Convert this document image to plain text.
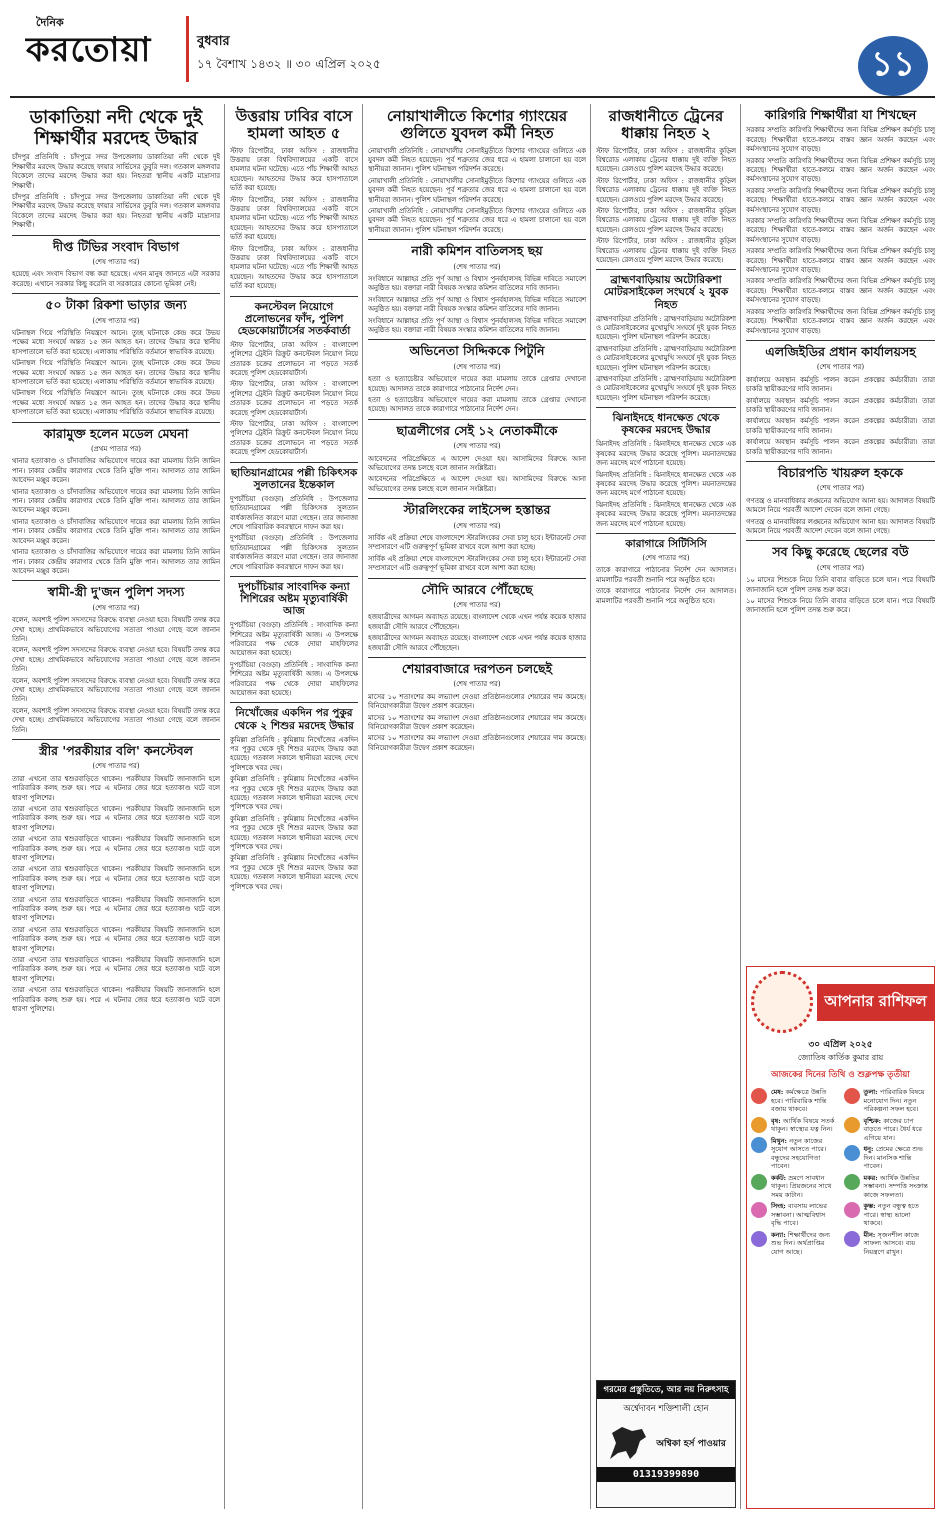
দৈনিক
করতোয়া	বুধবার
১৭ বৈশাখ ১৪৩২ ॥ ৩০ এপ্রিল ২০২৫	১১
ডাকাতিয়া নদী থেকে দুই শিক্ষার্থীর মরদেহ উদ্ধার

চাঁদপুর প্রতিনিধি : চাঁদপুরে সদর উপজেলায় ডাকাতিয়া নদী থেকে দুই শিক্ষার্থীর মরদেহ উদ্ধার করেছে ফায়ার সার্ভিসের ডুবুরি দল। গতকাল মঙ্গলবার বিকেলে তাদের মরদেহ উদ্ধার করা হয়। নিহতরা স্থানীয় একটি মাদ্রাসার শিক্ষার্থী।

চাঁদপুর প্রতিনিধি : চাঁদপুরে সদর উপজেলায় ডাকাতিয়া নদী থেকে দুই শিক্ষার্থীর মরদেহ উদ্ধার করেছে ফায়ার সার্ভিসের ডুবুরি দল। গতকাল মঙ্গলবার বিকেলে তাদের মরদেহ উদ্ধার করা হয়। নিহতরা স্থানীয় একটি মাদ্রাসার শিক্ষার্থী।

দীপ্ত টিভির সংবাদ বিভাগ
(শেষ পাতার পর)

হয়েছে এবং সংবাদ বিভাগ বন্ধ করা হয়েছে। এখন মানুষ জানতে এটা সরকার করেছে। এখানে সরকার কিছু করেনি বা সরকারের কোনো ভূমিকা নেই।

৫০ টাকা রিকশা ভাড়ার জন্য
(শেষ পাতার পর)

ঘটনাস্থল গিয়ে পরিস্থিতি নিয়ন্ত্রণে আনে। তুচ্ছ ঘটনাকে কেন্দ্র করে উভয় পক্ষের মধ্যে সংঘর্ষে অন্তত ১৫ জন আহত হন। তাদের উদ্ধার করে স্থানীয় হাসপাতালে ভর্তি করা হয়েছে। এলাকায় পরিস্থিতি বর্তমানে স্বাভাবিক রয়েছে।

ঘটনাস্থল গিয়ে পরিস্থিতি নিয়ন্ত্রণে আনে। তুচ্ছ ঘটনাকে কেন্দ্র করে উভয় পক্ষের মধ্যে সংঘর্ষে অন্তত ১৫ জন আহত হন। তাদের উদ্ধার করে স্থানীয় হাসপাতালে ভর্তি করা হয়েছে। এলাকায় পরিস্থিতি বর্তমানে স্বাভাবিক রয়েছে।

ঘটনাস্থল গিয়ে পরিস্থিতি নিয়ন্ত্রণে আনে। তুচ্ছ ঘটনাকে কেন্দ্র করে উভয় পক্ষের মধ্যে সংঘর্ষে অন্তত ১৫ জন আহত হন। তাদের উদ্ধার করে স্থানীয় হাসপাতালে ভর্তি করা হয়েছে। এলাকায় পরিস্থিতি বর্তমানে স্বাভাবিক রয়েছে।

কারামুক্ত হলেন মডেল মেঘনা
(প্রথম পাতার পর)

থানার হত্যাকাণ্ড ও চাঁদাবাজির অভিযোগে দায়ের করা মামলায় তিনি জামিন পান। ঢাকার কেন্দ্রীয় কারাগার থেকে তিনি মুক্তি পান। আদালত তার জামিন আবেদন মঞ্জুর করেন।

থানার হত্যাকাণ্ড ও চাঁদাবাজির অভিযোগে দায়ের করা মামলায় তিনি জামিন পান। ঢাকার কেন্দ্রীয় কারাগার থেকে তিনি মুক্তি পান। আদালত তার জামিন আবেদন মঞ্জুর করেন।

থানার হত্যাকাণ্ড ও চাঁদাবাজির অভিযোগে দায়ের করা মামলায় তিনি জামিন পান। ঢাকার কেন্দ্রীয় কারাগার থেকে তিনি মুক্তি পান। আদালত তার জামিন আবেদন মঞ্জুর করেন।

থানার হত্যাকাণ্ড ও চাঁদাবাজির অভিযোগে দায়ের করা মামলায় তিনি জামিন পান। ঢাকার কেন্দ্রীয় কারাগার থেকে তিনি মুক্তি পান। আদালত তার জামিন আবেদন মঞ্জুর করেন।

স্বামী-স্ত্রী দু'জন পুলিশ সদস্য
(শেষ পাতার পর)

বলেন, অবশ্যই পুলিশ সদস্যদের বিরুদ্ধে ব্যবস্থা নেওয়া হবে। বিষয়টি তদন্ত করে দেখা হচ্ছে। প্রাথমিকভাবে অভিযোগের সত্যতা পাওয়া গেছে বলে জানান তিনি।

বলেন, অবশ্যই পুলিশ সদস্যদের বিরুদ্ধে ব্যবস্থা নেওয়া হবে। বিষয়টি তদন্ত করে দেখা হচ্ছে। প্রাথমিকভাবে অভিযোগের সত্যতা পাওয়া গেছে বলে জানান তিনি।

বলেন, অবশ্যই পুলিশ সদস্যদের বিরুদ্ধে ব্যবস্থা নেওয়া হবে। বিষয়টি তদন্ত করে দেখা হচ্ছে। প্রাথমিকভাবে অভিযোগের সত্যতা পাওয়া গেছে বলে জানান তিনি।

বলেন, অবশ্যই পুলিশ সদস্যদের বিরুদ্ধে ব্যবস্থা নেওয়া হবে। বিষয়টি তদন্ত করে দেখা হচ্ছে। প্রাথমিকভাবে অভিযোগের সত্যতা পাওয়া গেছে বলে জানান তিনি।

স্ত্রীর 'পরকীয়ার বলি' কনস্টেবল
(শেষ পাতার পর)

তারা এখনো তার শ্বশুরবাড়িতে থাকেন। পরকীয়ার বিষয়টি জানাজানি হলে পারিবারিক কলহ শুরু হয়। পরে এ ঘটনার জের ধরে হত্যাকাণ্ড ঘটে বলে ধারণা পুলিশের।

তারা এখনো তার শ্বশুরবাড়িতে থাকেন। পরকীয়ার বিষয়টি জানাজানি হলে পারিবারিক কলহ শুরু হয়। পরে এ ঘটনার জের ধরে হত্যাকাণ্ড ঘটে বলে ধারণা পুলিশের।

তারা এখনো তার শ্বশুরবাড়িতে থাকেন। পরকীয়ার বিষয়টি জানাজানি হলে পারিবারিক কলহ শুরু হয়। পরে এ ঘটনার জের ধরে হত্যাকাণ্ড ঘটে বলে ধারণা পুলিশের।

তারা এখনো তার শ্বশুরবাড়িতে থাকেন। পরকীয়ার বিষয়টি জানাজানি হলে পারিবারিক কলহ শুরু হয়। পরে এ ঘটনার জের ধরে হত্যাকাণ্ড ঘটে বলে ধারণা পুলিশের।

তারা এখনো তার শ্বশুরবাড়িতে থাকেন। পরকীয়ার বিষয়টি জানাজানি হলে পারিবারিক কলহ শুরু হয়। পরে এ ঘটনার জের ধরে হত্যাকাণ্ড ঘটে বলে ধারণা পুলিশের।

তারা এখনো তার শ্বশুরবাড়িতে থাকেন। পরকীয়ার বিষয়টি জানাজানি হলে পারিবারিক কলহ শুরু হয়। পরে এ ঘটনার জের ধরে হত্যাকাণ্ড ঘটে বলে ধারণা পুলিশের।

তারা এখনো তার শ্বশুরবাড়িতে থাকেন। পরকীয়ার বিষয়টি জানাজানি হলে পারিবারিক কলহ শুরু হয়। পরে এ ঘটনার জের ধরে হত্যাকাণ্ড ঘটে বলে ধারণা পুলিশের।

তারা এখনো তার শ্বশুরবাড়িতে থাকেন। পরকীয়ার বিষয়টি জানাজানি হলে পারিবারিক কলহ শুরু হয়। পরে এ ঘটনার জের ধরে হত্যাকাণ্ড ঘটে বলে ধারণা পুলিশের।

উত্তরায় ঢাবির বাসে হামলা আহত ৫

স্টাফ রিপোর্টার, ঢাকা অফিস : রাজধানীর উত্তরায় ঢাকা বিশ্ববিদ্যালয়ের একটি বাসে হামলার ঘটনা ঘটেছে। এতে পাঁচ শিক্ষার্থী আহত হয়েছেন। আহতদের উদ্ধার করে হাসপাতালে ভর্তি করা হয়েছে।

স্টাফ রিপোর্টার, ঢাকা অফিস : রাজধানীর উত্তরায় ঢাকা বিশ্ববিদ্যালয়ের একটি বাসে হামলার ঘটনা ঘটেছে। এতে পাঁচ শিক্ষার্থী আহত হয়েছেন। আহতদের উদ্ধার করে হাসপাতালে ভর্তি করা হয়েছে।

স্টাফ রিপোর্টার, ঢাকা অফিস : রাজধানীর উত্তরায় ঢাকা বিশ্ববিদ্যালয়ের একটি বাসে হামলার ঘটনা ঘটেছে। এতে পাঁচ শিক্ষার্থী আহত হয়েছেন। আহতদের উদ্ধার করে হাসপাতালে ভর্তি করা হয়েছে।

কনস্টেবল নিয়োগে প্রলোভনের ফাঁদ, পুলিশ হেডকোয়ার্টার্সের সতর্কবার্তা

স্টাফ রিপোর্টার, ঢাকা অফিস : বাংলাদেশ পুলিশের ট্রেইনি রিক্রুট কনস্টেবল নিয়োগ নিয়ে প্রতারক চক্রের প্রলোভনে না পড়তে সতর্ক করেছে পুলিশ হেডকোয়ার্টার্স।

স্টাফ রিপোর্টার, ঢাকা অফিস : বাংলাদেশ পুলিশের ট্রেইনি রিক্রুট কনস্টেবল নিয়োগ নিয়ে প্রতারক চক্রের প্রলোভনে না পড়তে সতর্ক করেছে পুলিশ হেডকোয়ার্টার্স।

স্টাফ রিপোর্টার, ঢাকা অফিস : বাংলাদেশ পুলিশের ট্রেইনি রিক্রুট কনস্টেবল নিয়োগ নিয়ে প্রতারক চক্রের প্রলোভনে না পড়তে সতর্ক করেছে পুলিশ হেডকোয়ার্টার্স।

ছাতিয়ানগ্রামের পল্লী চিকিৎসক সুলতানের ইন্তেকাল

দুপচাঁচিয়া (বগুড়া) প্রতিনিধি : উপজেলার ছাতিয়ানগ্রামের পল্লী চিকিৎসক সুলতান বার্ধক্যজনিত কারণে মারা গেছেন। তার জানাজা শেষে পারিবারিক কবরস্থানে দাফন করা হয়।

দুপচাঁচিয়া (বগুড়া) প্রতিনিধি : উপজেলার ছাতিয়ানগ্রামের পল্লী চিকিৎসক সুলতান বার্ধক্যজনিত কারণে মারা গেছেন। তার জানাজা শেষে পারিবারিক কবরস্থানে দাফন করা হয়।

দুপচাঁচিয়ার সাংবাদিক কন্যা শিশিরের অষ্টম মৃত্যুবার্ষিকী আজ

দুপচাঁচিয়া (বগুড়া) প্রতিনিধি : সাংবাদিক কন্যা শিশিরের অষ্টম মৃত্যুবার্ষিকী আজ। এ উপলক্ষে পরিবারের পক্ষ থেকে দোয়া মাহফিলের আয়োজন করা হয়েছে।

দুপচাঁচিয়া (বগুড়া) প্রতিনিধি : সাংবাদিক কন্যা শিশিরের অষ্টম মৃত্যুবার্ষিকী আজ। এ উপলক্ষে পরিবারের পক্ষ থেকে দোয়া মাহফিলের আয়োজন করা হয়েছে।

নিখোঁজের একদিন পর পুকুর থেকে ২ শিশুর মরদেহ উদ্ধার

কুমিল্লা প্রতিনিধি : কুমিল্লায় নিখোঁজের একদিন পর পুকুর থেকে দুই শিশুর মরদেহ উদ্ধার করা হয়েছে। গতকাল সকালে স্থানীয়রা মরদেহ দেখে পুলিশকে খবর দেয়।

কুমিল্লা প্রতিনিধি : কুমিল্লায় নিখোঁজের একদিন পর পুকুর থেকে দুই শিশুর মরদেহ উদ্ধার করা হয়েছে। গতকাল সকালে স্থানীয়রা মরদেহ দেখে পুলিশকে খবর দেয়।

কুমিল্লা প্রতিনিধি : কুমিল্লায় নিখোঁজের একদিন পর পুকুর থেকে দুই শিশুর মরদেহ উদ্ধার করা হয়েছে। গতকাল সকালে স্থানীয়রা মরদেহ দেখে পুলিশকে খবর দেয়।

কুমিল্লা প্রতিনিধি : কুমিল্লায় নিখোঁজের একদিন পর পুকুর থেকে দুই শিশুর মরদেহ উদ্ধার করা হয়েছে। গতকাল সকালে স্থানীয়রা মরদেহ দেখে পুলিশকে খবর দেয়।

নোয়াখালীতে কিশোর গ্যাংয়ের গুলিতে যুবদল কর্মী নিহত

নোয়াখালী প্রতিনিধি : নোয়াখালীর সোনাইমুড়ীতে কিশোর গ্যাংয়ের গুলিতে এক যুবদল কর্মী নিহত হয়েছেন। পূর্ব শত্রুতার জের ধরে এ হামলা চালানো হয় বলে স্থানীয়রা জানান। পুলিশ ঘটনাস্থল পরিদর্শন করেছে।

নোয়াখালী প্রতিনিধি : নোয়াখালীর সোনাইমুড়ীতে কিশোর গ্যাংয়ের গুলিতে এক যুবদল কর্মী নিহত হয়েছেন। পূর্ব শত্রুতার জের ধরে এ হামলা চালানো হয় বলে স্থানীয়রা জানান। পুলিশ ঘটনাস্থল পরিদর্শন করেছে।

নোয়াখালী প্রতিনিধি : নোয়াখালীর সোনাইমুড়ীতে কিশোর গ্যাংয়ের গুলিতে এক যুবদল কর্মী নিহত হয়েছেন। পূর্ব শত্রুতার জের ধরে এ হামলা চালানো হয় বলে স্থানীয়রা জানান। পুলিশ ঘটনাস্থল পরিদর্শন করেছে।

নারী কমিশন বাতিলসহ ছয়
(শেষ পাতার পর)

সংবিধানে আল্লাহর প্রতি পূর্ণ আস্থা ও বিশ্বাস পুনর্বহালসহ বিভিন্ন দাবিতে সমাবেশ অনুষ্ঠিত হয়। বক্তারা নারী বিষয়ক সংস্কার কমিশন বাতিলের দাবি জানান।

সংবিধানে আল্লাহর প্রতি পূর্ণ আস্থা ও বিশ্বাস পুনর্বহালসহ বিভিন্ন দাবিতে সমাবেশ অনুষ্ঠিত হয়। বক্তারা নারী বিষয়ক সংস্কার কমিশন বাতিলের দাবি জানান।

সংবিধানে আল্লাহর প্রতি পূর্ণ আস্থা ও বিশ্বাস পুনর্বহালসহ বিভিন্ন দাবিতে সমাবেশ অনুষ্ঠিত হয়। বক্তারা নারী বিষয়ক সংস্কার কমিশন বাতিলের দাবি জানান।

অভিনেতা সিদ্দিককে পিটুনি
(শেষ পাতার পর)

হত্যা ও হত্যাচেষ্টার অভিযোগে দায়ের করা মামলায় তাকে গ্রেপ্তার দেখানো হয়েছে। আদালত তাকে কারাগারে পাঠানোর নির্দেশ দেন।

হত্যা ও হত্যাচেষ্টার অভিযোগে দায়ের করা মামলায় তাকে গ্রেপ্তার দেখানো হয়েছে। আদালত তাকে কারাগারে পাঠানোর নির্দেশ দেন।

ছাত্রলীগের সেই ১২ নেতাকর্মীকে
(শেষ পাতার পর)

আবেদনের পরিপ্রেক্ষিতে এ আদেশ দেওয়া হয়। আসামিদের বিরুদ্ধে আনা অভিযোগের তদন্ত চলছে বলে জানান সংশ্লিষ্টরা।

আবেদনের পরিপ্রেক্ষিতে এ আদেশ দেওয়া হয়। আসামিদের বিরুদ্ধে আনা অভিযোগের তদন্ত চলছে বলে জানান সংশ্লিষ্টরা।

স্টারলিংকের লাইসেন্স হস্তান্তর
(শেষ পাতার পর)

সার্বিক এই প্রক্রিয়া শেষে বাংলাদেশে স্টারলিংকের সেবা চালু হবে। ইন্টারনেট সেবা সম্প্রসারণে এটি গুরুত্বপূর্ণ ভূমিকা রাখবে বলে আশা করা হচ্ছে।

সার্বিক এই প্রক্রিয়া শেষে বাংলাদেশে স্টারলিংকের সেবা চালু হবে। ইন্টারনেট সেবা সম্প্রসারণে এটি গুরুত্বপূর্ণ ভূমিকা রাখবে বলে আশা করা হচ্ছে।

সৌদি আরবে পৌঁছেছে
(শেষ পাতার পর)

হজযাত্রীদের আগমন অব্যাহত রয়েছে। বাংলাদেশ থেকে এখন পর্যন্ত কয়েক হাজার হজযাত্রী সৌদি আরবে পৌঁছেছেন।

হজযাত্রীদের আগমন অব্যাহত রয়েছে। বাংলাদেশ থেকে এখন পর্যন্ত কয়েক হাজার হজযাত্রী সৌদি আরবে পৌঁছেছেন।

শেয়ারবাজারে দরপতন চলছেই
(শেষ পাতার পর)

মাসের ১০ শতাংশের কম লভ্যাংশ দেওয়া প্রতিষ্ঠানগুলোর শেয়ারের দাম কমেছে। বিনিয়োগকারীরা উদ্বেগ প্রকাশ করেছেন।

মাসের ১০ শতাংশের কম লভ্যাংশ দেওয়া প্রতিষ্ঠানগুলোর শেয়ারের দাম কমেছে। বিনিয়োগকারীরা উদ্বেগ প্রকাশ করেছেন।

মাসের ১০ শতাংশের কম লভ্যাংশ দেওয়া প্রতিষ্ঠানগুলোর শেয়ারের দাম কমেছে। বিনিয়োগকারীরা উদ্বেগ প্রকাশ করেছেন।

রাজধানীতে ট্রেনের ধাক্কায় নিহত ২

স্টাফ রিপোর্টার, ঢাকা অফিস : রাজধানীর কুড়িল বিশ্বরোড এলাকায় ট্রেনের ধাক্কায় দুই ব্যক্তি নিহত হয়েছেন। রেলওয়ে পুলিশ মরদেহ উদ্ধার করেছে।

স্টাফ রিপোর্টার, ঢাকা অফিস : রাজধানীর কুড়িল বিশ্বরোড এলাকায় ট্রেনের ধাক্কায় দুই ব্যক্তি নিহত হয়েছেন। রেলওয়ে পুলিশ মরদেহ উদ্ধার করেছে।

স্টাফ রিপোর্টার, ঢাকা অফিস : রাজধানীর কুড়িল বিশ্বরোড এলাকায় ট্রেনের ধাক্কায় দুই ব্যক্তি নিহত হয়েছেন। রেলওয়ে পুলিশ মরদেহ উদ্ধার করেছে।

স্টাফ রিপোর্টার, ঢাকা অফিস : রাজধানীর কুড়িল বিশ্বরোড এলাকায় ট্রেনের ধাক্কায় দুই ব্যক্তি নিহত হয়েছেন। রেলওয়ে পুলিশ মরদেহ উদ্ধার করেছে।

ব্রাহ্মণবাড়িয়ায় অটোরিকশা মোটরসাইকেল সংঘর্ষে ২ যুবক নিহত

ব্রাহ্মণবাড়িয়া প্রতিনিধি : ব্রাহ্মণবাড়িয়ায় অটোরিকশা ও মোটরসাইকেলের মুখোমুখি সংঘর্ষে দুই যুবক নিহত হয়েছেন। পুলিশ ঘটনাস্থল পরিদর্শন করেছে।

ব্রাহ্মণবাড়িয়া প্রতিনিধি : ব্রাহ্মণবাড়িয়ায় অটোরিকশা ও মোটরসাইকেলের মুখোমুখি সংঘর্ষে দুই যুবক নিহত হয়েছেন। পুলিশ ঘটনাস্থল পরিদর্শন করেছে।

ব্রাহ্মণবাড়িয়া প্রতিনিধি : ব্রাহ্মণবাড়িয়ায় অটোরিকশা ও মোটরসাইকেলের মুখোমুখি সংঘর্ষে দুই যুবক নিহত হয়েছেন। পুলিশ ঘটনাস্থল পরিদর্শন করেছে।

ঝিনাইদহে ধানক্ষেত থেকে কৃষকের মরদেহ উদ্ধার

ঝিনাইদহ প্রতিনিধি : ঝিনাইদহে ধানক্ষেত থেকে এক কৃষকের মরদেহ উদ্ধার করেছে পুলিশ। ময়নাতদন্তের জন্য মরদেহ মর্গে পাঠানো হয়েছে।

ঝিনাইদহ প্রতিনিধি : ঝিনাইদহে ধানক্ষেত থেকে এক কৃষকের মরদেহ উদ্ধার করেছে পুলিশ। ময়নাতদন্তের জন্য মরদেহ মর্গে পাঠানো হয়েছে।

ঝিনাইদহ প্রতিনিধি : ঝিনাইদহে ধানক্ষেত থেকে এক কৃষকের মরদেহ উদ্ধার করেছে পুলিশ। ময়নাতদন্তের জন্য মরদেহ মর্গে পাঠানো হয়েছে।

কারাগারে সিটিসিসি
(শেষ পাতার পর)

তাকে কারাগারে পাঠানোর নির্দেশ দেন আদালত। মামলাটির পরবর্তী শুনানি পরে অনুষ্ঠিত হবে।

তাকে কারাগারে পাঠানোর নির্দেশ দেন আদালত। মামলাটির পরবর্তী শুনানি পরে অনুষ্ঠিত হবে।

গরমের প্রস্তুতিতে, আর নয় নিরুৎসাহ
অর্শ্বেদাবন শক্তিশালী হোন
অশ্বিকা হর্স পাওয়ার
01319399890
কারিগরি শিক্ষার্থীরা যা শিখছেন

সরকার সম্প্রতি কারিগরি শিক্ষার্থীদের জন্য বিভিন্ন প্রশিক্ষণ কর্মসূচি চালু করেছে। শিক্ষার্থীরা হাতে-কলমে বাস্তব জ্ঞান অর্জন করছেন এবং কর্মসংস্থানের সুযোগ বাড়ছে।

সরকার সম্প্রতি কারিগরি শিক্ষার্থীদের জন্য বিভিন্ন প্রশিক্ষণ কর্মসূচি চালু করেছে। শিক্ষার্থীরা হাতে-কলমে বাস্তব জ্ঞান অর্জন করছেন এবং কর্মসংস্থানের সুযোগ বাড়ছে।

সরকার সম্প্রতি কারিগরি শিক্ষার্থীদের জন্য বিভিন্ন প্রশিক্ষণ কর্মসূচি চালু করেছে। শিক্ষার্থীরা হাতে-কলমে বাস্তব জ্ঞান অর্জন করছেন এবং কর্মসংস্থানের সুযোগ বাড়ছে।

সরকার সম্প্রতি কারিগরি শিক্ষার্থীদের জন্য বিভিন্ন প্রশিক্ষণ কর্মসূচি চালু করেছে। শিক্ষার্থীরা হাতে-কলমে বাস্তব জ্ঞান অর্জন করছেন এবং কর্মসংস্থানের সুযোগ বাড়ছে।

সরকার সম্প্রতি কারিগরি শিক্ষার্থীদের জন্য বিভিন্ন প্রশিক্ষণ কর্মসূচি চালু করেছে। শিক্ষার্থীরা হাতে-কলমে বাস্তব জ্ঞান অর্জন করছেন এবং কর্মসংস্থানের সুযোগ বাড়ছে।

সরকার সম্প্রতি কারিগরি শিক্ষার্থীদের জন্য বিভিন্ন প্রশিক্ষণ কর্মসূচি চালু করেছে। শিক্ষার্থীরা হাতে-কলমে বাস্তব জ্ঞান অর্জন করছেন এবং কর্মসংস্থানের সুযোগ বাড়ছে।

সরকার সম্প্রতি কারিগরি শিক্ষার্থীদের জন্য বিভিন্ন প্রশিক্ষণ কর্মসূচি চালু করেছে। শিক্ষার্থীরা হাতে-কলমে বাস্তব জ্ঞান অর্জন করছেন এবং কর্মসংস্থানের সুযোগ বাড়ছে।

এলজিইডির প্রধান কার্যালয়সহ
(শেষ পাতার পর)

কার্যালয়ে অবস্থান কর্মসূচি পালন করেন প্রকল্পের কর্মচারীরা। তারা চাকরি স্থায়ীকরণের দাবি জানান।

কার্যালয়ে অবস্থান কর্মসূচি পালন করেন প্রকল্পের কর্মচারীরা। তারা চাকরি স্থায়ীকরণের দাবি জানান।

কার্যালয়ে অবস্থান কর্মসূচি পালন করেন প্রকল্পের কর্মচারীরা। তারা চাকরি স্থায়ীকরণের দাবি জানান।

কার্যালয়ে অবস্থান কর্মসূচি পালন করেন প্রকল্পের কর্মচারীরা। তারা চাকরি স্থায়ীকরণের দাবি জানান।

বিচারপতি খায়রুল হককে
(শেষ পাতার পর)

গণতন্ত্র ও মানবাধিকার লঙ্ঘনের অভিযোগ আনা হয়। আদালত বিষয়টি আমলে নিয়ে পরবর্তী আদেশ দেবেন বলে জানা গেছে।

গণতন্ত্র ও মানবাধিকার লঙ্ঘনের অভিযোগ আনা হয়। আদালত বিষয়টি আমলে নিয়ে পরবর্তী আদেশ দেবেন বলে জানা গেছে।

সব কিছু করেছে ছেলের বউ
(শেষ পাতার পর)

১০ মাসের শিশুকে নিয়ে তিনি বাবার বাড়িতে চলে যান। পরে বিষয়টি জানাজানি হলে পুলিশ তদন্ত শুরু করে।

১০ মাসের শিশুকে নিয়ে তিনি বাবার বাড়িতে চলে যান। পরে বিষয়টি জানাজানি হলে পুলিশ তদন্ত শুরু করে।

আপনার রাশিফল
৩০ এপ্রিল ২০২৫
জ্যোতিষ কার্তিক কুমার রায়
আজকের দিনের তিথি ও শুক্লপক্ষ তৃতীয়া
মেষ: কর্মক্ষেত্রে উন্নতি হবে। পারিবারিক শান্তি বজায় থাকবে।
বৃষ: আর্থিক বিষয়ে সতর্ক থাকুন। স্বাস্থ্যের যত্ন নিন।
মিথুন: নতুন কাজের সুযোগ আসতে পারে। বন্ধুদের সহযোগিতা পাবেন।
কর্কট: ভ্রমণে সাবধান থাকুন। প্রিয়জনের সাথে সময় কাটান।
সিংহ: ব্যবসায় লাভের সম্ভাবনা। আত্মবিশ্বাস বৃদ্ধি পাবে।
কন্যা: শিক্ষার্থীদের জন্য শুভ দিন। অর্থপ্রাপ্তির যোগ আছে।
তুলা: পারিবারিক বিষয়ে মনোযোগ দিন। নতুন পরিকল্পনা সফল হবে।
বৃশ্চিক: কাজের চাপ বাড়তে পারে। ধৈর্য ধরে এগিয়ে যান।
ধনু: প্রেমের ক্ষেত্রে শুভ দিন। মানসিক শান্তি পাবেন।
মকর: আর্থিক উন্নতির সম্ভাবনা। সম্পত্তি সংক্রান্ত কাজে সফলতা।
কুম্ভ: নতুন বন্ধুত্ব হতে পারে। স্বাস্থ্য ভালো থাকবে।
মীন: সৃজনশীল কাজে সাফল্য আসবে। ব্যয় নিয়ন্ত্রণে রাখুন।
